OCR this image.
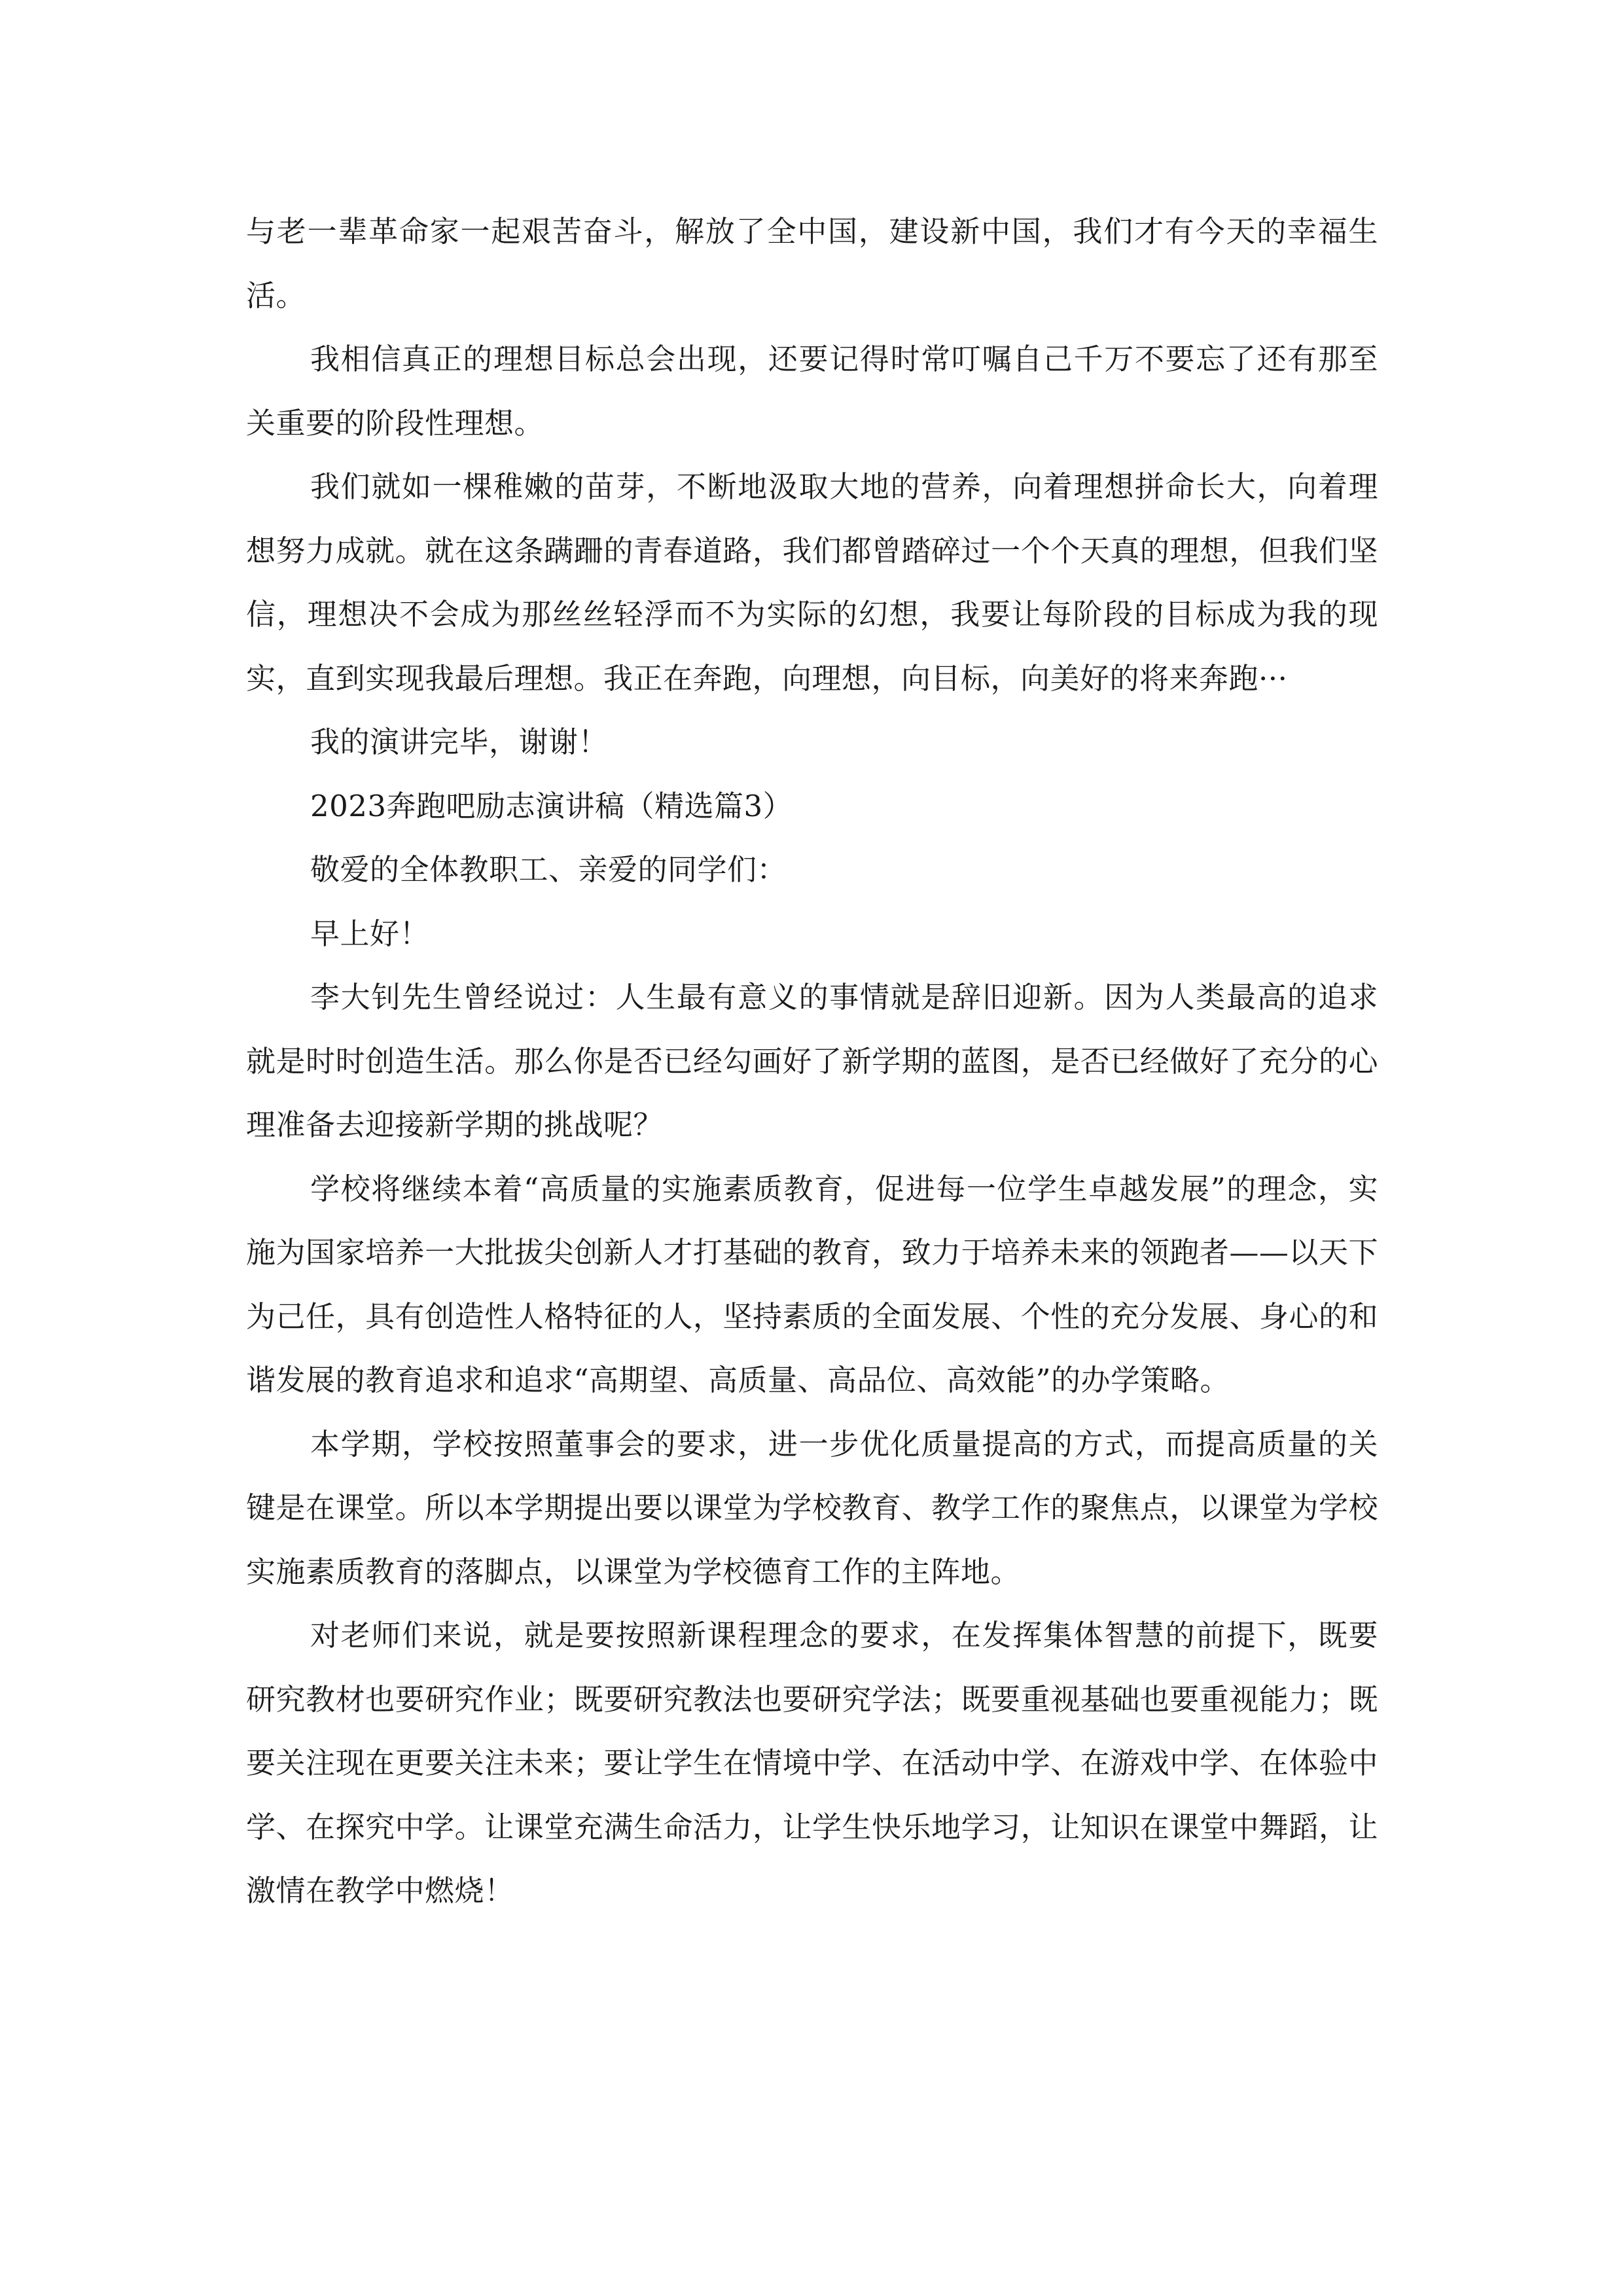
与老一辈革命家一起艰苦奋斗，解放了全中国，建设新中国，我们才有今天的幸福生活。

我相信真正的理想目标总会出现，还要记得时常叮嘱自己千万不要忘了还有那至关重要的阶段性理想。

我们就如一棵稚嫩的苗芽，不断地汲取大地的营养，向着理想拼命长大，向着理想努力成就。就在这条蹒跚的青春道路，我们都曾踏碎过一个个天真的理想，但我们坚信，理想决不会成为那丝丝轻浮而不为实际的幻想，我要让每阶段的目标成为我的现实，直到实现我最后理想。我正在奔跑，向理想，向目标，向美好的将来奔跑···

我的演讲完毕，谢谢！

2023奔跑吧励志演讲稿（精选篇3）

敬爱的全体教职工、亲爱的同学们：

早上好！

李大钊先生曾经说过：人生最有意义的事情就是辞旧迎新。因为人类最高的追求就是时时创造生活。那么你是否已经勾画好了新学期的蓝图，是否已经做好了充分的心理准备去迎接新学期的挑战呢？

学校将继续本着“高质量的实施素质教育，促进每一位学生卓越发展”的理念，实施为国家培养一大批拔尖创新人才打基础的教育，致力于培养未来的领跑者——以天下为己任，具有创造性人格特征的人，坚持素质的全面发展、个性的充分发展、身心的和谐发展的教育追求和追求“高期望、高质量、高品位、高效能”的办学策略。

本学期，学校按照董事会的要求，进一步优化质量提高的方式，而提高质量的关键是在课堂。所以本学期提出要以课堂为学校教育、教学工作的聚焦点，以课堂为学校实施素质教育的落脚点，以课堂为学校德育工作的主阵地。

对老师们来说，就是要按照新课程理念的要求，在发挥集体智慧的前提下，既要研究教材也要研究作业；既要研究教法也要研究学法；既要重视基础也要重视能力；既要关注现在更要关注未来；要让学生在情境中学、在活动中学、在游戏中学、在体验中学、在探究中学。让课堂充满生命活力，让学生快乐地学习，让知识在课堂中舞蹈，让激情在教学中燃烧！
